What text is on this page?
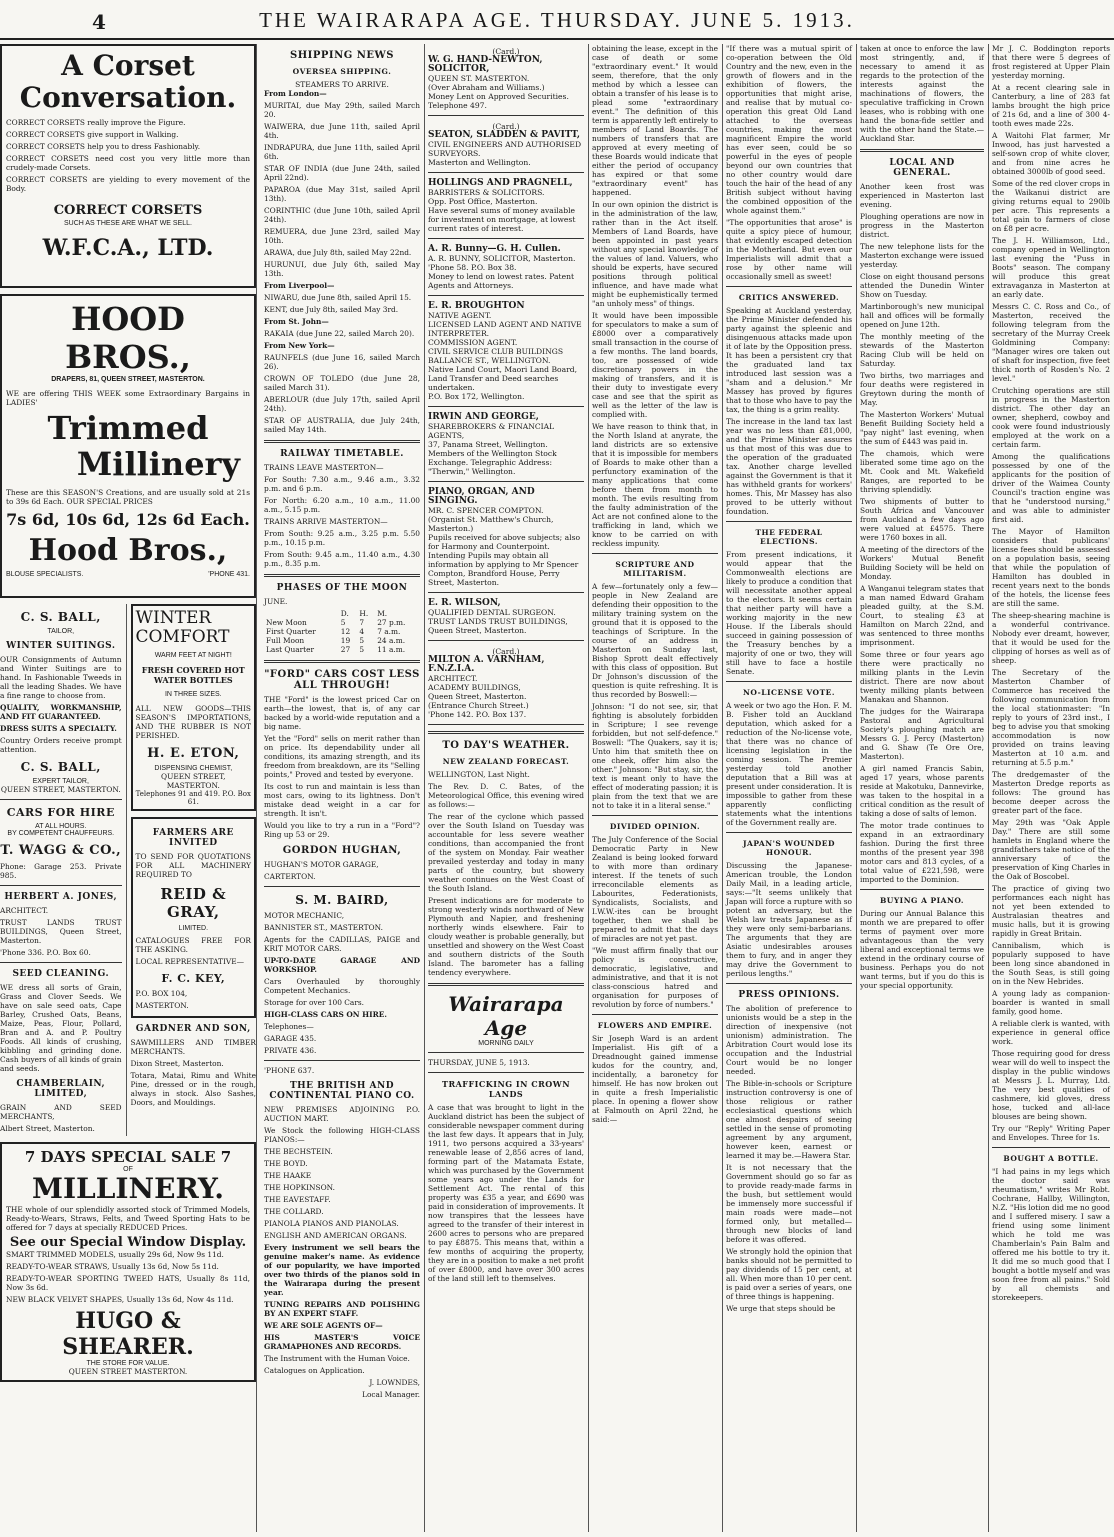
4	THE WAIRARAPA AGE. THURSDAY. JUNE 5. 1913.
A Corset
Conversation.

CORRECT CORSETS really improve the Figure.

CORRECT CORSETS give support in Walking.

CORRECT CORSETS help you to dress Fashionably.

CORRECT CORSETS need cost you very little more than crudely-made Corsets.

CORRECT CORSETS are yielding to every movement of the Body.

CORRECT CORSETS
SUCH AS THESE ARE WHAT WE SELL.
W.F.C.A., LTD.
HOOD BROS.,
DRAPERS, 81, QUEEN STREET, MASTERTON.

WE are offering THIS WEEK some Extraordinary Bargains in LADIES'

Trimmed
Millinery

These are this SEASON'S Creations, and are usually sold at 21s to 39s 6d Each. OUR SPECIAL PRICES

7s 6d, 10s 6d, 12s 6d Each.
Hood Bros.,
BLOUSE SPECIALISTS.	'PHONE 431.
C. S. BALL,
TAILOR,
WINTER SUITINGS.

OUR Consignments of Autumn and Winter Suitings are to hand. In Fashionable Tweeds in all the leading Shades. We have a fine range to choose from.

QUALITY, WORKMANSHIP, AND FIT GUARANTEED.

DRESS SUITS A SPECIALTY.

Country Orders receive prompt attention.

C. S. BALL,
EXPERT TAILOR,
QUEEN STREET, MASTERTON.
CARS FOR HIRE
AT ALL HOURS.
BY COMPETENT CHAUFFEURS.
T. WAGG & CO.,

Phone: Garage 253. Private 985.

HERBERT A. JONES,

ARCHITECT.

TRUST LANDS TRUST BUILDINGS, Queen Street, Masterton.

'Phone 336. P.O. Box 60.

SEED CLEANING.

WE dress all sorts of Grain, Grass and Clover Seeds. We have on sale seed oats, Cape Barley, Crushed Oats, Beans, Maize, Peas, Flour, Pollard, Bran and A. and P. Poultry Foods. All kinds of crushing, kibbling and grinding done. Cash buyers of all kinds of grain and seeds.

CHAMBERLAIN, LIMITED,

GRAIN AND SEED MERCHANTS,

Albert Street, Masterton.

WINTER
COMFORT
WARM FEET AT NIGHT!
FRESH COVERED HOT WATER BOTTLES
IN THREE SIZES.

ALL NEW GOODS—THIS SEASON'S IMPORTATIONS, AND THE RUBBER IS NOT PERISHED.

H. E. ETON,
DISPENSING CHEMIST,
QUEEN STREET, MASTERTON.
Telephones 91 and 419. P.O. Box 61.
FARMERS ARE INVITED

TO SEND FOR QUOTATIONS FOR ALL MACHINERY REQUIRED TO

REID & GRAY,
LIMITED.

CATALOGUES FREE FOR THE ASKING.

LOCAL REPRESENTATIVE—

F. C. KEY,

P.O. BOX 104,

MASTERTON.

GARDNER AND SON,

SAWMILLERS AND TIMBER MERCHANTS.

Dixon Street, Masterton.

Totara, Matai, Rimu and White Pine, dressed or in the rough, always in stock. Also Sashes, Doors, and Mouldings.

7 DAYS SPECIAL SALE 7
OF
MILLINERY.

THE whole of our splendidly assorted stock of Trimmed Models, Ready-to-Wears, Straws, Felts, and Tweed Sporting Hats to be offered for 7 days at specially REDUCED Prices.

See our Special Window Display.

SMART TRIMMED MODELS, usually 29s 6d, Now 9s 11d.

READY-TO-WEAR STRAWS, Usually 13s 6d, Now 5s 11d.

READY-TO-WEAR SPORTING TWEED HATS, Usually 8s 11d, Now 3s 6d.

NEW BLACK VELVET SHAPES, Usually 13s 6d, Now 4s 11d.

HUGO & SHEARER.
THE STORE FOR VALUE.
QUEEN STREET MASTERTON.
SHIPPING NEWS
OVERSEA SHIPPING.
STEAMERS TO ARRIVE.

From London—

MURITAI, due May 29th, sailed March 20.

WAIWERA, due June 11th, sailed April 4th.

INDRAPURA, due June 11th, sailed April 6th.

STAR OF INDIA (due June 24th, sailed April 22nd).

PAPAROA (due May 31st, sailed April 13th).

CORINTHIC (due June 10th, sailed April 24th).

REMUERA, due June 23rd, sailed May 10th.

ARAWA, due July 8th, sailed May 22nd.

HURUNUI, due July 6th, sailed May 13th.

From Liverpool—

NIWARU, due June 8th, sailed April 15.

KENT, due July 8th, sailed May 3rd.

From St. John—

RAKAIA (due June 22, sailed March 20).

From New York—

RAUNFELS (due June 16, sailed March 26).

CROWN OF TOLEDO (due June 28, sailed March 31).

ABERLOUR (due July 17th, sailed April 24th).

STAR OF AUSTRALIA, due July 24th, sailed May 14th.

RAILWAY TIMETABLE.

TRAINS LEAVE MASTERTON—

For South: 7.30 a.m., 9.46 a.m., 3.32 p.m. and 6 p.m.

For North: 6.20 a.m., 10 a.m., 11.00 a.m., 5.15 p.m.

TRAINS ARRIVE MASTERTON—

From South: 9.25 a.m., 3.25 p.m. 5.50 p.m., 10.15 p.m.

From South: 9.45 a.m., 11.40 a.m., 4.30 p.m., 8.35 p.m.

PHASES OF THE MOON

JUNE.

	D.	H.	M.
New Moon	5	7	27 p.m.
First Quarter	12	4	7 a.m.
Full Moon	19	5	24 a.m.
Last Quarter	27	5	11 a.m.
"FORD" CARS COST LESS ALL THROUGH!

THE "Ford" is the lowest priced Car on earth—the lowest, that is, of any car backed by a world-wide reputation and a big name.

Yet the "Ford" sells on merit rather than on price. Its dependability under all conditions, its amazing strength, and its freedom from breakdown, are its "Selling points," Proved and tested by everyone.

Its cost to run and maintain is less than most cars, owing to its lightness. Don't mistake dead weight in a car for strength. It isn't.

Would you like to try a run in a "Ford"? Ring up 53 or 29.

GORDON HUGHAN,

HUGHAN'S MOTOR GARAGE,

CARTERTON.

S. M. BAIRD,

MOTOR MECHANIC,

BANNISTER ST., MASTERTON.

Agents for the CADILLAS, PAIGE and KRIT MOTOR CARS.

UP-TO-DATE GARAGE AND WORKSHOP.

Cars Overhauled by thoroughly Competent Mechanics.

Storage for over 100 Cars.

HIGH-CLASS CARS ON HIRE.

Telephones—

GARAGE 435.

PRIVATE 436.

'PHONE 637.

THE BRITISH AND CONTINENTAL PIANO CO.

NEW PREMISES ADJOINING P.O. AUCTION MART.

We Stock the following HIGH-CLASS PIANOS:—

THE BECHSTEIN.

THE BOYD.

THE HAAKE

THE HOPKINSON.

THE EAVESTAFF.

THE COLLARD.

PIANOLA PIANOS AND PIANOLAS.

ENGLISH AND AMERICAN ORGANS.

Every instrument we sell bears the genuine maker's name. As evidence of our popularity, we have imported over two thirds of the pianos sold in the Wairarapa during the present year.

TUNING REPAIRS AND POLISHING BY AN EXPERT STAFF.

WE ARE SOLE AGENTS OF—

HIS MASTER'S VOICE GRAMAPHONES AND RECORDS.

The Instrument with the Human Voice.

Catalogues on Application.

J. LOWNDES,

Local Manager.

(Card.)
W. G. HAND-NEWTON, SOLICITOR,
QUEEN ST. MASTERTON.
(Over Abraham and Williams.)
Money Lent on Approved Securities.
Telephone 497.
(Card.)
SEATON, SLADDEN & PAVITT,
CIVIL ENGINEERS AND AUTHORISED SURVEYORS.
Masterton and Wellington.
HOLLINGS AND PRAGNELL,
BARRISTERS & SOLICITORS.
Opp. Post Office, Masterton.
Have several sums of money available for investment on mortgage, at lowest current rates of interest.
A. R. Bunny—G. H. Cullen.
A. R. BUNNY, SOLICITOR, Masterton.
'Phone 58. P.O. Box 38.
Money to lend on lowest rates. Patent Agents and Attorneys.
E. R. BROUGHTON
NATIVE AGENT.
LICENSED LAND AGENT AND NATIVE INTERPRETER.
COMMISSION AGENT.
CIVIL SERVICE CLUB BUILDINGS BALLANCE ST., WELLINGTON.
Native Land Court, Maori Land Board, Land Transfer and Deed searches undertaken.
P.O. Box 172, Wellington.
IRWIN AND GEORGE,
SHAREBROKERS & FINANCIAL AGENTS,
37, Panama Street, Wellington.
Members of the Wellington Stock Exchange. Telegraphic Address: "Therwin," Wellington.
PIANO, ORGAN, AND SINGING.
MR. C. SPENCER COMPTON.
(Organist St. Matthew's Church, Masterton.)
Pupils received for above subjects; also for Harmony and Counterpoint. Intending Pupils may obtain all information by applying to Mr Spencer Compton, Brandford House, Perry Street, Masterton.
E. R. WILSON,
QUALIFIED DENTAL SURGEON.
TRUST LANDS TRUST BUILDINGS,
Queen Street, Masterton.
(Card.)
MILTON A. VARNHAM, F.N.Z.I.A.
ARCHITECT.
ACADEMY BUILDINGS,
Queen Street, Masterton.
(Entrance Church Street.)
'Phone 142. P.O. Box 137.
TO DAY'S WEATHER.
NEW ZEALAND FORECAST.

WELLINGTON, Last Night.

The Rev. D. C. Bates, of the Meteorological Office, this evening wired as follows:—

The rear of the cyclone which passed over the South Island on Tuesday was accountable for less severe weather conditions, than accompanied the front of the system on Monday. Fair weather prevailed yesterday and today in many parts of the country, but showery weather continues on the West Coast of the South Island.

Present indications are for moderate to strong westerly winds northward of New Plymouth and Napier, and freshening northerly winds elsewhere. Fair to cloudy weather is probable generally, but unsettled and showery on the West Coast and southern districts of the South Island. The barometer has a falling tendency everywhere.

Wairarapa Age
MORNING DAILY

THURSDAY, JUNE 5, 1913.

TRAFFICKING IN CROWN LANDS

A case that was brought to light in the Auckland district has been the subject of considerable newspaper comment during the last few days. It appears that in July, 1911, two persons acquired a 33-years' renewable lease of 2,856 acres of land, forming part of the Matamata Estate, which was purchased by the Government some years ago under the Lands for Settlement Act. The rental of this property was £35 a year, and £690 was paid in consideration of improvements. It now transpires that the lessees have agreed to the transfer of their interest in 2600 acres to persons who are prepared to pay £8875. This means that, within a few months of acquiring the property, they are in a position to make a net profit of over £8000, and have over 300 acres of the land still left to themselves.

obtaining the lease, except in the case of death or some "extraordinary event." It would seem, therefore, that the only method by which a lessee can obtain a transfer of his lease is to plead some "extraordinary event." The definition of this term is apparently left entirely to members of Land Boards. The numbers of transfers that are approved at every meeting of these Boards would indicate that either the period of occupancy has expired or that some "extraordinary event" has happened.

In our own opinion the district is in the administration of the law, rather than in the Act itself. Members of Land Boards, have been appointed in past years without any special knowledge of the values of land. Valuers, who should be experts, have secured positions through political influence, and have made what might be euphemistically termed "an unholy mess" of things.

It would have been impossible for speculators to make a sum of £8000 over a comparatively small transaction in the course of a few months. The land boards, too, are possessed of wide discretionary powers in the making of transfers, and it is their duty to investigate every case and see that the spirit as well as the letter of the law is complied with.

We have reason to think that, in the North Island at anyrate, the land districts are so extensive that it is impossible for members of Boards to make other than a perfunctory examination of the many applications that come before them from month to month. The evils resulting from the faulty administration of the Act are not confined alone to the trafficking in land, which we know to be carried on with reckless impunity.

SCRIPTURE AND MILITARISM.

A few—fortunately only a few—people in New Zealand are defending their opposition to the military training system on the ground that it is opposed to the teachings of Scripture. In the course of an address in Masterton on Sunday last, Bishop Sprott dealt effectively with this class of opposition. But Dr Johnson's discussion of the question is quite refreshing. It is thus recorded by Boswell:—

Johnson: "I do not see, sir, that fighting is absolutely forbidden in Scripture; I see revenge forbidden, but not self-defence." Boswell: "The Quakers, say it is; Unto him that smiteth thee on one cheek, offer him also the other." Johnson: "But stay, sir, the text is meant only to have the effect of moderating passion; it is plain from the text that we are not to take it in a literal sense."

DIVIDED OPINION.

The July Conference of the Social Democratic Party in New Zealand is being looked forward to with more than ordinary interest. If the tenets of such irreconcilable elements as Labourites, Federationists, Syndicalists, Socialists, and I.W.W.-ites can be brought together, then we shall be prepared to admit that the days of miracles are not yet past.

"We must affirm finally that our policy is constructive, democratic, legislative, and administrative, and that it is not class-conscious hatred and organisation for purposes of revolution by force of numbers."

FLOWERS AND EMPIRE.

Sir Joseph Ward is an ardent Imperialist. His gift of a Dreadnought gained immense kudos for the country, and, incidentally, a baronetcy for himself. He has now broken out in quite a fresh Imperialistic place. In opening a flower show at Falmouth on April 22nd, he said:—

"If there was a mutual spirit of co-operation between the Old Country and the new, even in the growth of flowers and in the exhibition of flowers, the opportunities that might arise, and realise that by mutual co-operation this great Old Land attached to the overseas countries, making the most magnificent Empire the world has ever seen, could be so powerful in the eyes of people beyond our own countries that no other country would dare touch the hair of the head of any British subject without having the combined opposition of the whole against them."

"The opportunities that arose" is quite a spicy piece of humour, that evidently escaped detection in the Motherland. But even our Imperialists will admit that a rose by other name will occasionally smell as sweet!

CRITICS ANSWERED.

Speaking at Auckland yesterday, the Prime Minister defended his party against the spleenic and disingenuous attacks made upon it of late by the Opposition press. It has been a persistent cry that the graduated land tax introduced last session was a "sham and a delusion." Mr Massey has proved by figures that to those who have to pay the tax, the thing is a grim reality.

The increase in the land tax last year was no less than £81,000, and the Prime Minister assures us that most of this was due to the operation of the graduated tax. Another charge levelled against the Government is that it has withheld grants for workers' homes. This, Mr Massey has also proved to be utterly without foundation.

THE FEDERAL ELECTIONS.

From present indications, it would appear that the Commonwealth elections are likely to produce a condition that will necessitate another appeal to the electors. It seems certain that neither party will have a working majority in the new House. If the Liberals should succeed in gaining possession of the Treasury benches by a majority of one or two, they will still have to face a hostile Senate.

NO-LICENSE VOTE.

A week or two ago the Hon. F. M. B. Fisher told an Auckland deputation, which asked for a reduction of the No-license vote, that there was no chance of licensing legislation in the coming session. The Premier yesterday told another deputation that a Bill was at present under consideration. It is impossible to gather from these apparently conflicting statements what the intentions of the Government really are.

JAPAN'S WOUNDED HONOUR.

Discussing the Japanese-American trouble, the London Daily Mail, in a leading article, says:—"It seems unlikely that Japan will force a rupture with so potent an adversary, but the Welsh law treats Japanese as if they were only semi-barbarians. The arguments that they are Asiatic undesirables arouses them to fury, and in anger they may drive the Government to perilous lengths."

PRESS OPINIONS.

The abolition of preference to unionists would be a step in the direction of inexpensive (not unionism) administration. The Arbitration Court would lose its occupation and the Industrial Court would be no longer needed.

The Bible-in-schools or Scripture instruction controversy is one of those religious or rather ecclesiastical questions which one almost despairs of seeing settled in the sense of promoting agreement by any argument, however keen, earnest or learned it may be.—Hawera Star.

It is not necessary that the Government should go so far as to provide ready-made farms in the bush, but settlement would be immensely more successful if main roads were made—not formed only, but metalled—through new blocks of land before it was offered.

We strongly hold the opinion that banks should not be permitted to pay dividends of 15 per cent, at all. When more than 10 per cent. is paid over a series of years, one of three things is happening.

We urge that steps should be

taken at once to enforce the law most stringently, and, if necessary to amend it as regards to the protection of the interests against the machinations of flowers, the speculative trafficking in Crown leases, who is robbing with one hand the bona-fide settler and with the other hand the State.—Auckland Star.

LOCAL AND GENERAL.

Another keen frost was experienced in Masterton last evening.

Ploughing operations are now in progress in the Masterton district.

The new telephone lists for the Masterton exchange were issued yesterday.

Close on eight thousand persons attended the Dunedin Winter Show on Tuesday.

Martinborough's new municipal hall and offices will be formally opened on June 12th.

The monthly meeting of the stewards of the Masterton Racing Club will be held on Saturday.

Two births, two marriages and four deaths were registered in Greytown during the month of May.

The Masterton Workers' Mutual Benefit Building Society held a "pay night" last evening, when the sum of £443 was paid in.

The chamois, which were liberated some time ago on the Mt. Cook and Mt. Wakefield Ranges, are reported to be thriving splendidly.

Two shipments of butter to South Africa and Vancouver from Auckland a few days ago were valued at £4575. There were 1760 boxes in all.

A meeting of the directors of the Workers' Mutual Benefit Building Society will be held on Monday.

A Wanganui telegram states that a man named Edward Graham pleaded guilty, at the S.M. Court, to stealing £3 at Hamilton on March 22nd, and was sentenced to three months imprisonment.

Some three or four years ago there were practically no milking plants in the Levin district. There are now about twenty milking plants between Manakau and Shannon.

The judges for the Wairarapa Pastoral and Agricultural Society's ploughing match are Messrs G. J. Percy (Masterton) and G. Shaw (Te Ore Ore, Masterton).

A girl named Francis Sabin, aged 17 years, whose parents reside at Makotuku, Dannevirke, was taken to the hospital in a critical condition as the result of taking a dose of salts of lemon.

The motor trade continues to expand in an extraordinary fashion. During the first three months of the present year 398 motor cars and 813 cycles, of a total value of £221,598, were imported to the Dominion.

BUYING A PIANO.

During our Annual Balance this month we are prepared to offer terms of payment over more advantageous than the very liberal and exceptional terms we extend in the ordinary course of business. Perhaps you do not want terms, but if you do this is your special opportunity.

Mr J. C. Boddington reports that there were 5 degrees of frost registered at Upper Plain yesterday morning.

At a recent clearing sale in Canterbury, a line of 283 fat lambs brought the high price of 21s 6d, and a line of 300 4-tooth ewes made 22s.

A Waitohi Flat farmer, Mr Inwood, has just harvested a self-sown crop of white clover, and from nine acres he obtained 3000lb of good seed.

Some of the red clover crops in the Waikanui district are giving returns equal to 290lb per acre. This represents a total gain to farmers of close on £8 per acre.

The J. H. Williamson, Ltd., company opened in Wellington last evening the "Puss in Boots" season. The company will produce this great extravaganza in Masterton at an early date.

Messrs C. C. Ross and Co., of Masterton, received the following telegram from the secretary of the Murray Creek Goldmining Company: "Manager wires ore taken out of shaft for inspection, five feet thick north of Rosden's No. 2 level."

Crutching operations are still in progress in the Masterton district. The other day an owner, shepherd, cowboy and cook were found industriously employed at the work on a certain farm.

Among the qualifications possessed by one of the applicants for the position of driver of the Waimea County Council's traction engine was that he "understood nursing," and was able to administer first aid.

The Mayor of Hamilton considers that publicans' license fees should be assessed on a population basis, seeing that while the population of Hamilton has doubled in recent years next to the bonds of the hotels, the license fees are still the same.

The sheep-shearing machine is a wonderful contrivance. Nobody ever dreamt, however, that it would be used for the clipping of horses as well as of sheep.

The Secretary of the Masterton Chamber of Commerce has received the following communication from the local stationmaster: "In reply to yours of 23rd inst., I beg to advise you that smoking accommodation is now provided on trains leaving Masterton at 10 a.m. and returning at 5.5 p.m."

The dredgemaster of the Masterton Dredge reports as follows: The ground has become deeper across the greater part of the face.

May 29th was "Oak Apple Day." There are still some hamlets in England where the grandfathers take notice of the anniversary of the preservation of King Charles in the Oak of Boscobel.

The practice of giving two performances each night has not yet been extended to Australasian theatres and music halls, but it is growing rapidly in Great Britain.

Cannibalism, which is popularly supposed to have been long since abandoned in the South Seas, is still going on in the New Hebrides.

A young lady as companion-boarder is wanted in small family, good home.

A reliable clerk is wanted, with experience in general office work.

Those requiring good for dress wear will do well to inspect the display in the public windows at Messrs J. L. Murray, Ltd. The very best qualities of cashmere, kid gloves, dress hose, tucked and all-lace blouses are being shown.

Try our "Reply" Writing Paper and Envelopes. Three for 1s.

BOUGHT A BOTTLE.

"I had pains in my legs which the doctor said was rheumatism," writes Mr Robt. Cochrane, Hallby, Willington, N.Z. "His lotion did me no good and I suffered misery. I saw a friend using some liniment which he told me was Chamberlain's Pain Balm and offered me his bottle to try it. It did me so much good that I bought a bottle myself and was soon free from all pains." Sold by all chemists and storekeepers.
